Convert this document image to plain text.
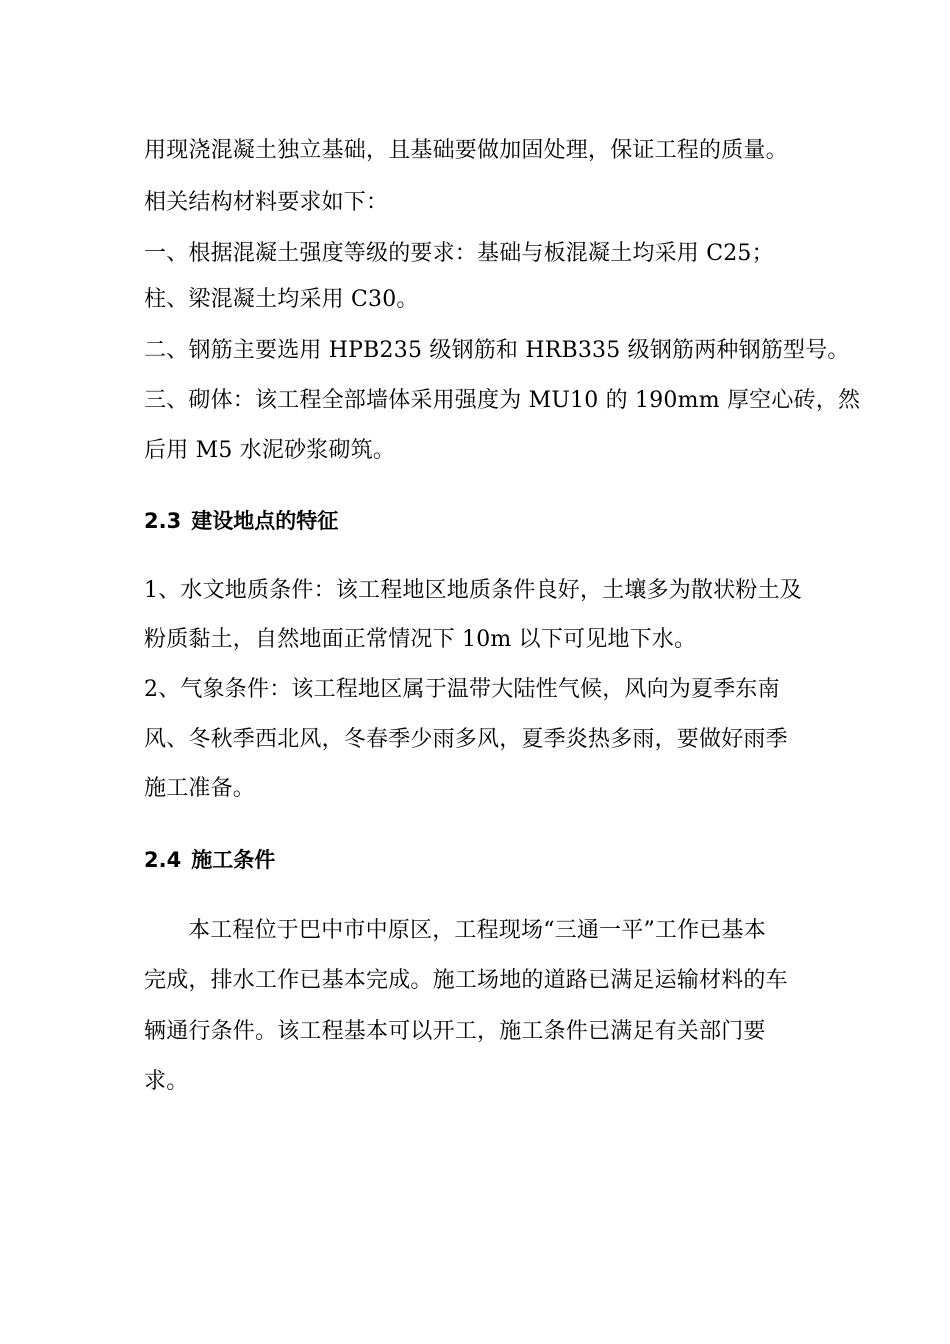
用现浇混凝土独立基础，且基础要做加固处理，保证工程的质量。
相关结构材料要求如下：
一、根据混凝土强度等级的要求：基础与板混凝土均采用 C25；
柱、梁混凝土均采用 C30。
二、钢筋主要选用 HPB235 级钢筋和 HRB335 级钢筋两种钢筋型号。
三、砌体：该工程全部墙体采用强度为 MU10 的 190mm 厚空心砖，然
后用 M5 水泥砂浆砌筑。
2.3 建设地点的特征
1、水文地质条件：该工程地区地质条件良好，土壤多为散状粉土及
粉质黏土，自然地面正常情况下 10m 以下可见地下水。
2、气象条件：该工程地区属于温带大陆性气候，风向为夏季东南
风、冬秋季西北风，冬春季少雨多风，夏季炎热多雨，要做好雨季
施工准备。
2.4 施工条件
本工程位于巴中市中原区，工程现场“三通一平”工作已基本
完成，排水工作已基本完成。施工场地的道路已满足运输材料的车
辆通行条件。该工程基本可以开工，施工条件已满足有关部门要
求。
